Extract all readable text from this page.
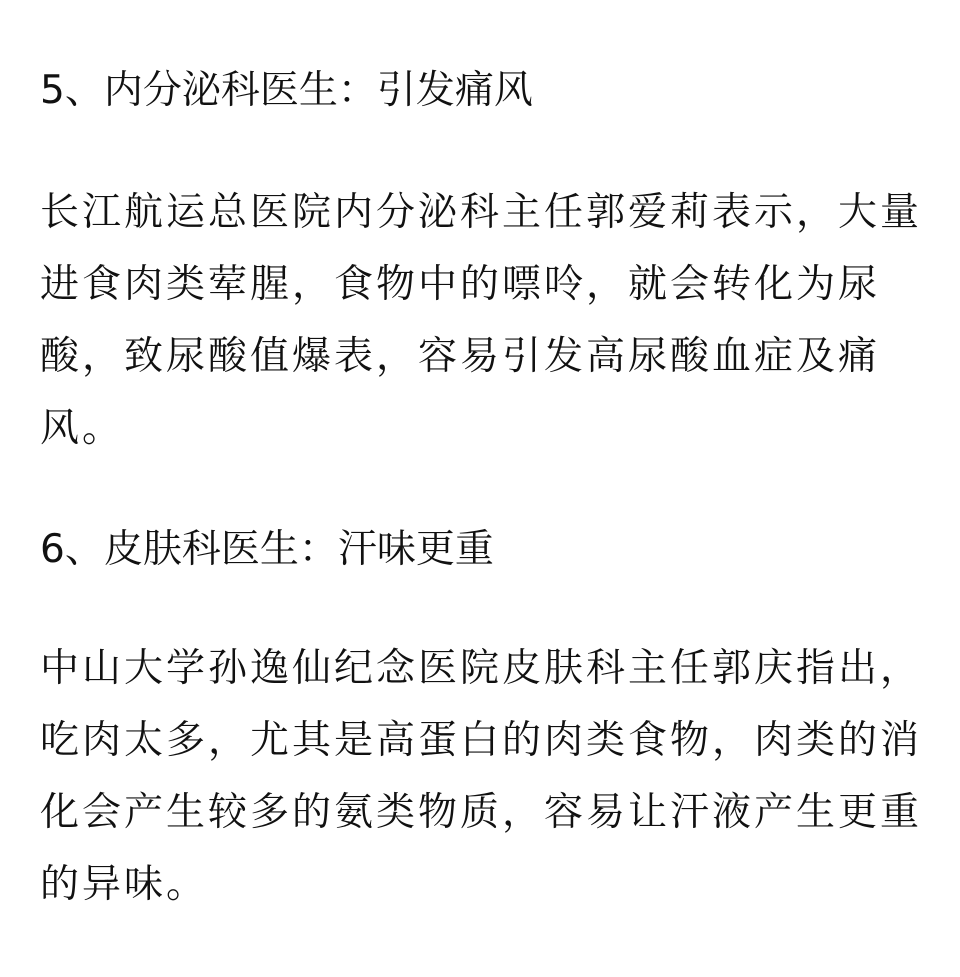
5、内分泌科医生：引发痛风

长江航运总医院内分泌科主任郭爱莉表示，大量
进食肉类荤腥，食物中的嘌呤，就会转化为尿
酸，致尿酸值爆表，容易引发高尿酸血症及痛
风。

6、皮肤科医生：汗味更重

中山大学孙逸仙纪念医院皮肤科主任郭庆指出，
吃肉太多，尤其是高蛋白的肉类食物，肉类的消
化会产生较多的氨类物质，容易让汗液产生更重
的异味。
